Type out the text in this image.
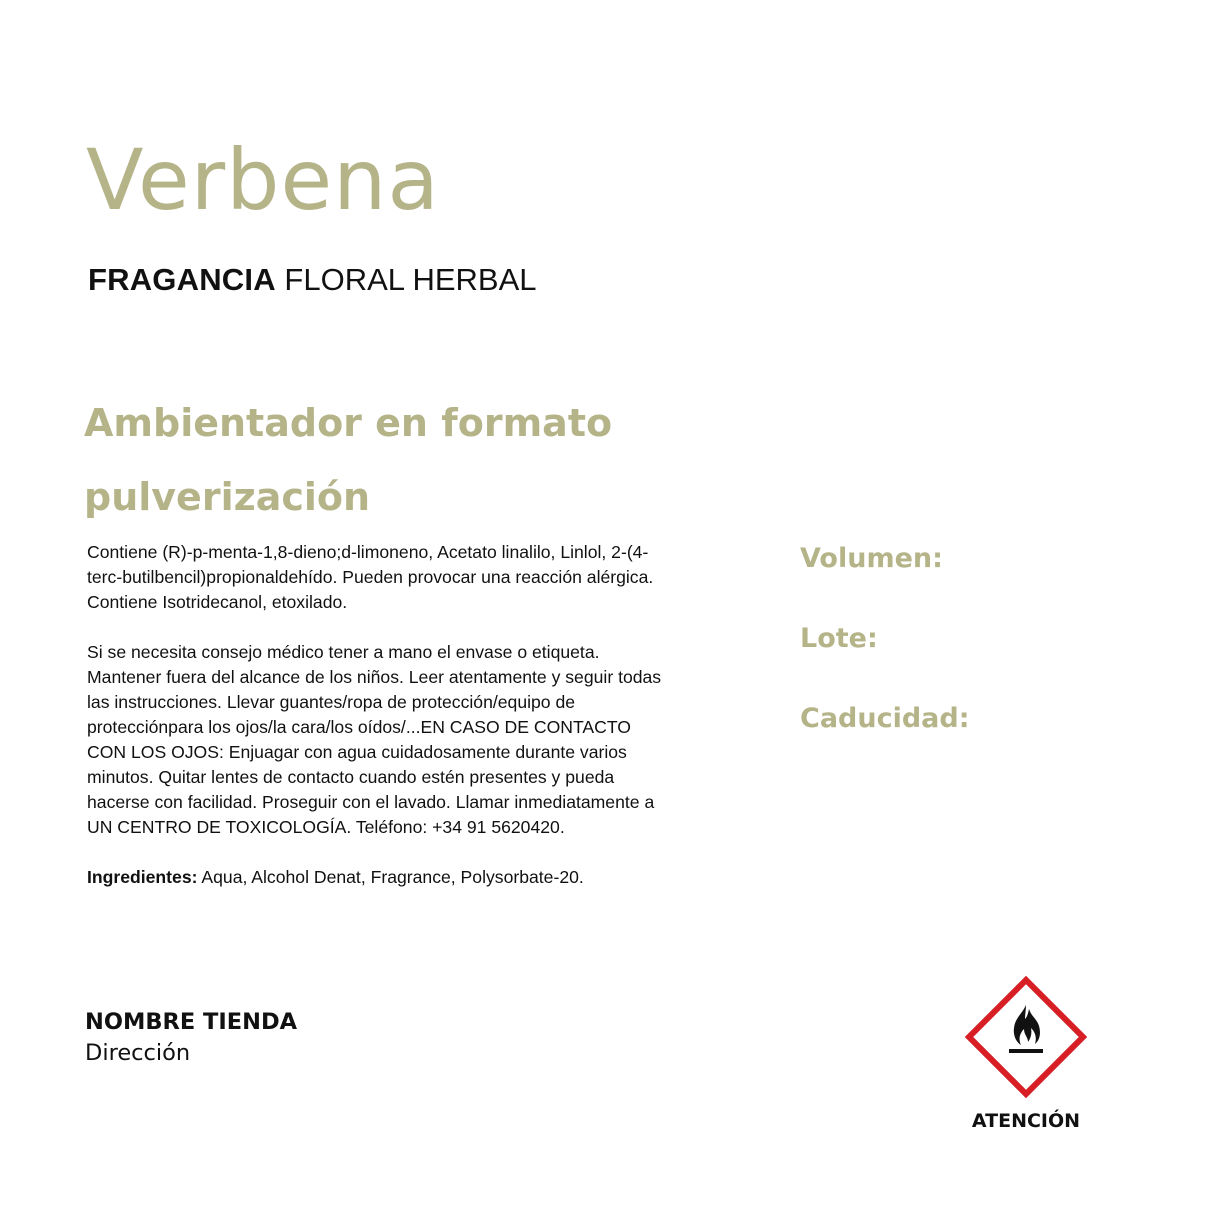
Verbena
FRAGANCIA FLORAL HERBAL
Ambientador en formato
pulverización

Contiene (R)-p-menta-1,8-dieno;d-limoneno, Acetato linalilo, Linlol, 2-(4-terc-butilbencil)propionaldehído. Pueden provocar una reacción alérgica. Contiene Isotridecanol, etoxilado.

Si se necesita consejo médico tener a mano el envase o etiqueta. Mantener fuera del alcance de los niños. Leer atentamente y seguir todas las instrucciones. Llevar guantes/ropa de protección/equipo de protecciónpara los ojos/la cara/los oídos/...EN CASO DE CONTACTO CON LOS OJOS: Enjuagar con agua cuidadosamente durante varios minutos. Quitar lentes de contacto cuando estén presentes y pueda hacerse con facilidad. Proseguir con el lavado. Llamar inmediatamente a UN CENTRO DE TOXICOLOGÍA. Teléfono: +34 91 5620420.

Ingredientes: Aqua, Alcohol Denat, Fragrance, Polysorbate-20.

Volumen:
Lote:
Caducidad:
NOMBRE TIENDA
Dirección
ATENCIÓN
